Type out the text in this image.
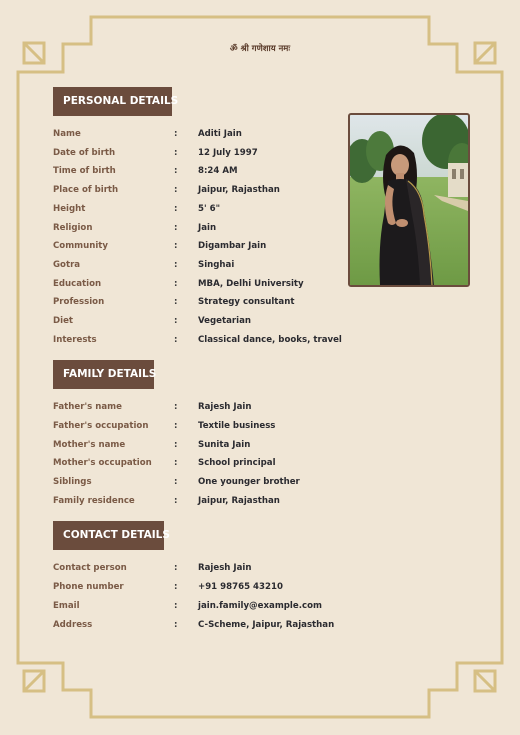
ॐ श्री गणेशाय नमः
PERSONAL DETAILS
Name	: Aditi Jain
Date of birth	: 12 July 1997
Time of birth	: 8:24 AM
Place of birth	: Jaipur, Rajasthan
Height	: 5' 6"
Religion	: Jain
Community	: Digambar Jain
Gotra	: Singhai
Education	: MBA, Delhi University
Profession	: Strategy consultant
Diet	: Vegetarian
Interests	: Classical dance, books, travel
FAMILY DETAILS
Father's name	: Rajesh Jain
Father's occupation	: Textile business
Mother's name	: Sunita Jain
Mother's occupation	: School principal
Siblings	: One younger brother
Family residence	: Jaipur, Rajasthan
CONTACT DETAILS
Contact person	: Rajesh Jain
Phone number	: +91 98765 43210
Email	: jain.family@example.com
Address	: C-Scheme, Jaipur, Rajasthan
